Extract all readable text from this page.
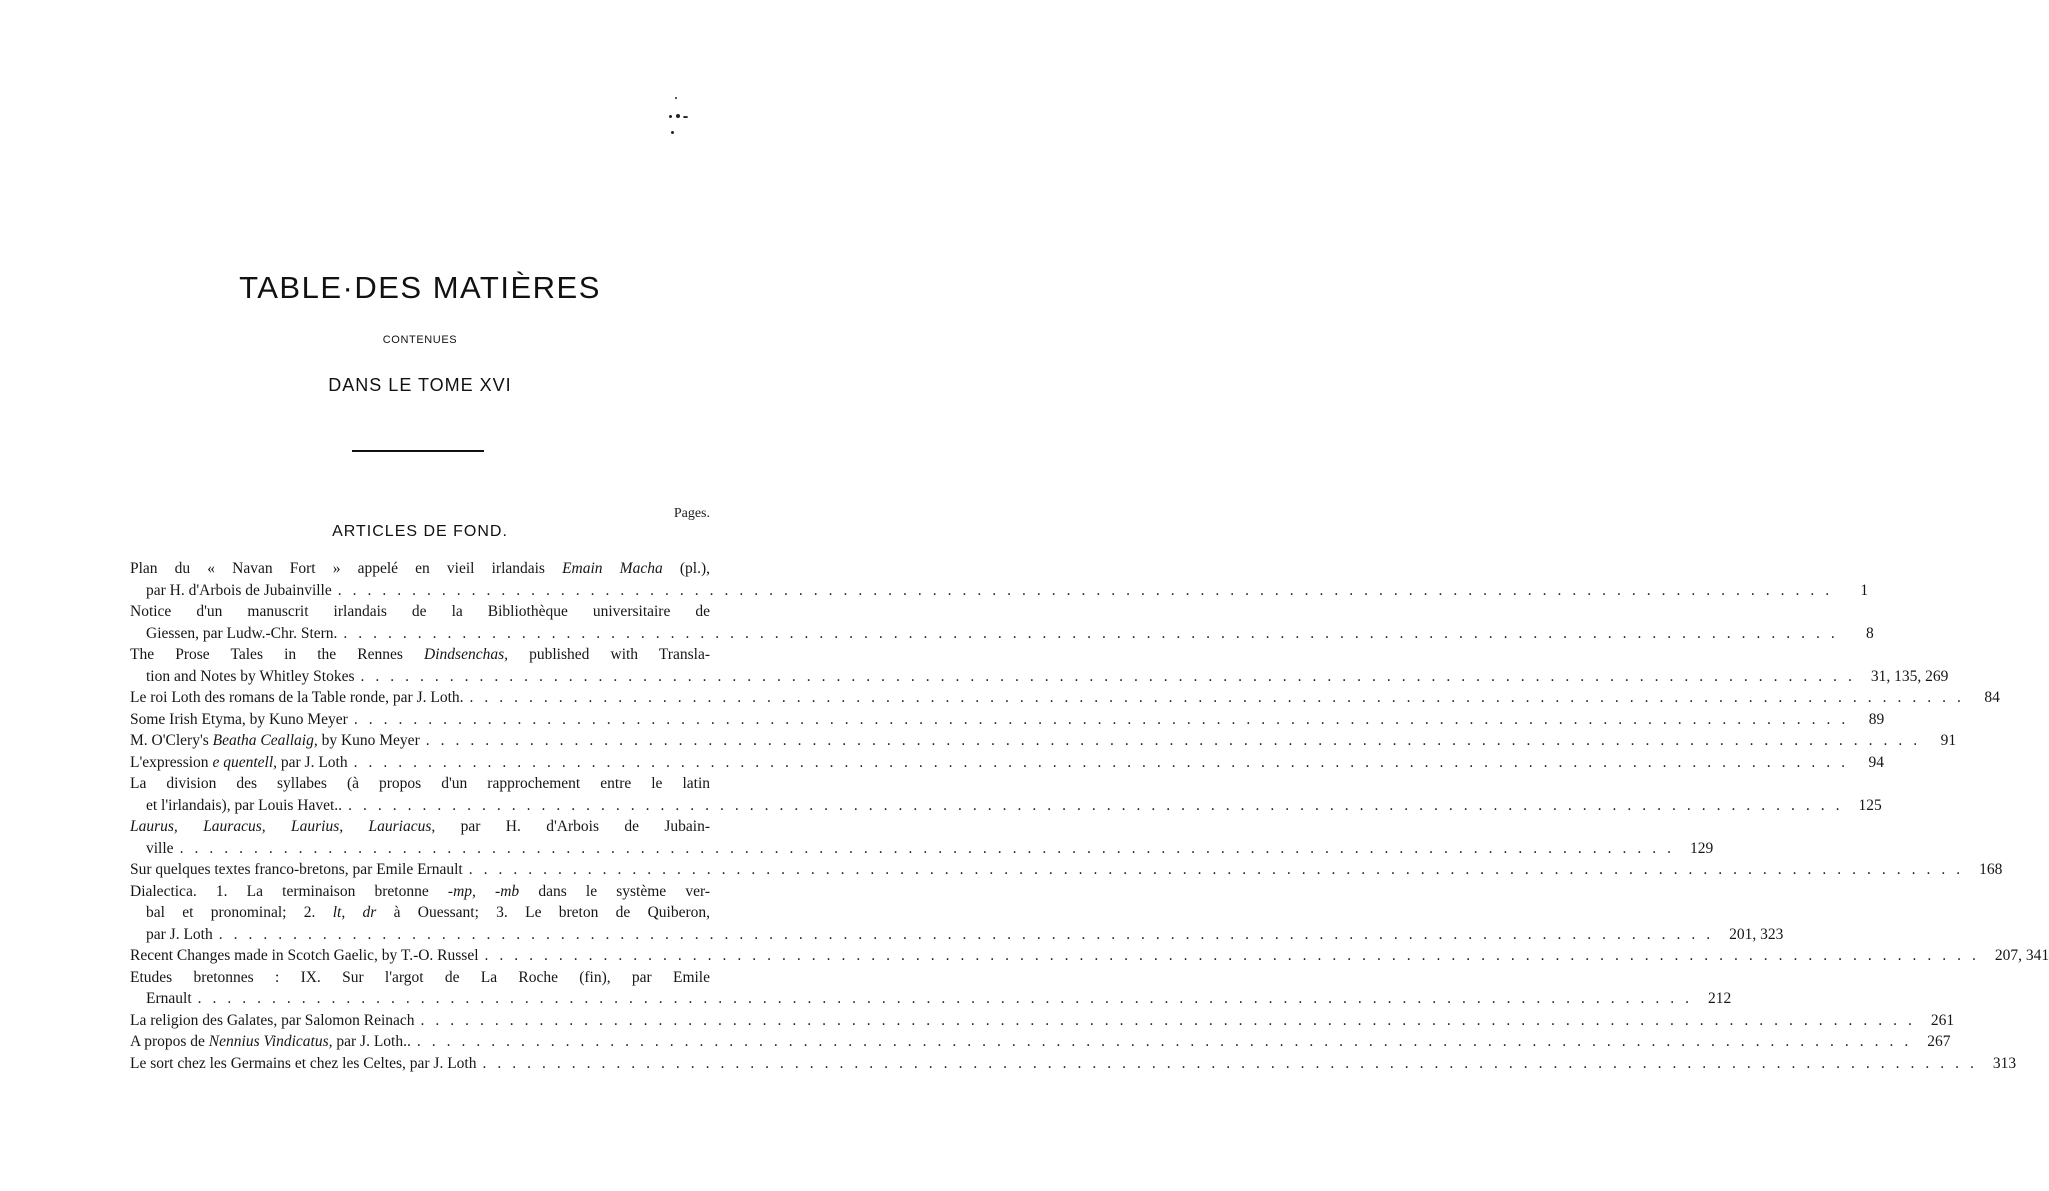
TABLE·DES MATIÈRES
CONTENUES
DANS LE TOME XVI
Pages.
ARTICLES DE FOND.
Plan du « Navan Fort » appelé en vieil irlandais Emain Macha (pl.),
par H. d'Arbois de Jubainville .....	1
Notice d'un manuscrit irlandais de la Bibliothèque universitaire de
Giessen, par Ludw.-Chr. Stern. .....	8
The Prose Tales in the Rennes Dindsenchas, published with Transla-
tion and Notes by Whitley Stokes .....	31, 135, 269
Le roi Loth des romans de la Table ronde, par J. Loth. .....	84
Some Irish Etyma, by Kuno Meyer .....	89
M. O'Clery's Beatha Ceallaig, by Kuno Meyer .....	91
L'expression e quentell, par J. Loth .....	94
La division des syllabes (à propos d'un rapprochement entre le latin
et l'irlandais), par Louis Havet.. .....	125
Laurus, Lauracus, Laurius, Lauriacus, par H. d'Arbois de Jubain-
ville .....	129
Sur quelques textes franco-bretons, par Emile Ernault .....	168
Dialectica. 1. La terminaison bretonne -mp, -mb dans le système ver-
bal et pronominal; 2. lt, dr à Ouessant; 3. Le breton de Quiberon,
par J. Loth .....	201, 323
Recent Changes made in Scotch Gaelic, by T.-O. Russel .....	207, 341
Etudes bretonnes : IX. Sur l'argot de La Roche (fin), par Emile
Ernault .....	212
La religion des Galates, par Salomon Reinach .....	261
A propos de Nennius Vindicatus, par J. Loth.. .....	267
Le sort chez les Germains et chez les Celtes, par J. Loth .....	313
